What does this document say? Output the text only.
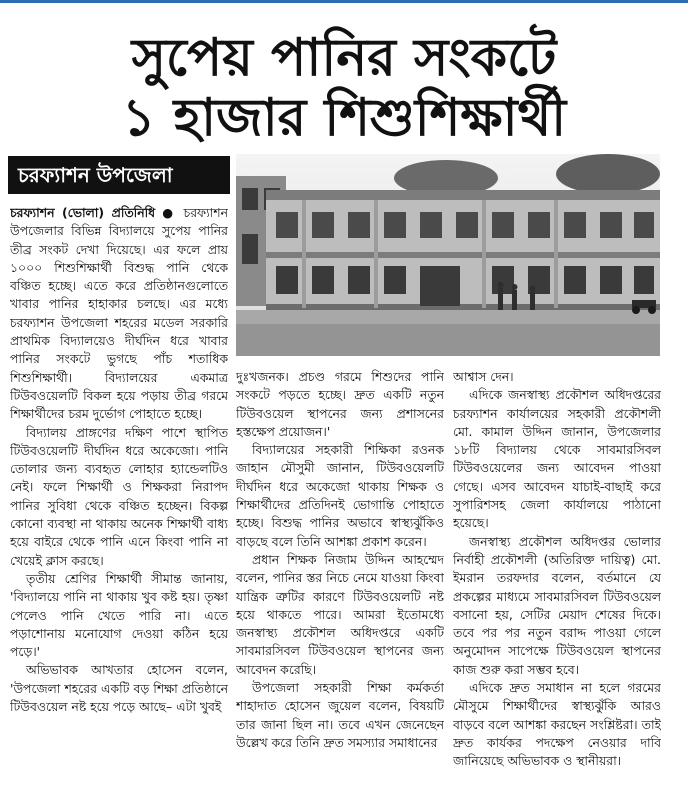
সুপেয় পানির সংকটে
১ হাজার শিশুশিক্ষার্থী
চরফ্যাশন উপজেলা

চরফ্যাশন (ভোলা) প্রতিনিধি ● চরফ্যাশন উপজেলার বিভিন্ন বিদ্যালয়ে সুপেয় পানির তীব্র সংকট দেখা দিয়েছে। এর ফলে প্রায় ১০০০ শিশুশিক্ষার্থী বিশুদ্ধ পানি থেকে বঞ্চিত হচ্ছে। এতে করে প্রতিষ্ঠানগুলোতে খাবার পানির হাহাকার চলছে। এর মধ্যে চরফ্যাশন উপজেলা শহরের মডেল সরকারি প্রাথমিক বিদ্যালয়েও দীর্ঘদিন ধরে খাবার পানির সংকটে ভুগছে পাঁচ শতাধিক শিশুশিক্ষার্থী। বিদ্যালয়ের একমাত্র টিউবওয়েলটি বিকল হয়ে পড়ায় তীব্র গরমে শিক্ষার্থীদের চরম দুর্ভোগ পোহাতে হচ্ছে।

বিদ্যালয় প্রাঙ্গণের দক্ষিণ পাশে স্থাপিত টিউবওয়েলটি দীর্ঘদিন ধরে অকেজো। পানি তোলার জন্য ব্যবহৃত লোহার হ্যান্ডেলটিও নেই। ফলে শিক্ষার্থী ও শিক্ষকরা নিরাপদ পানির সুবিধা থেকে বঞ্চিত হচ্ছেন। বিকল্প কোনো ব্যবস্থা না থাকায় অনেক শিক্ষার্থী বাধ্য হয়ে বাইরে থেকে পানি এনে কিংবা পানি না খেয়েই ক্লাস করছে।

তৃতীয় শ্রেণির শিক্ষার্থী সীমান্ত জানায়, 'বিদ্যালয়ে পানি না থাকায় খুব কষ্ট হয়। তৃষ্ণা পেলেও পানি খেতে পারি না। এতে পড়াশোনায় মনোযোগ দেওয়া কঠিন হয়ে পড়ে।'

অভিভাবক আখতার হোসেন বলেন, 'উপজেলা শহরের একটি বড় শিক্ষা প্রতিষ্ঠানে টিউবওয়েল নষ্ট হয়ে পড়ে আছে– এটা খুবই

দুঃখজনক। প্রচণ্ড গরমে শিশুদের পানি সংকটে পড়তে হচ্ছে। দ্রুত একটি নতুন টিউবওয়েল স্থাপনের জন্য প্রশাসনের হস্তক্ষেপ প্রয়োজন।'

বিদ্যালয়ের সহকারী শিক্ষিকা রওনক জাহান মৌসুমী জানান, টিউবওয়েলটি দীর্ঘদিন ধরে অকেজো থাকায় শিক্ষক ও শিক্ষার্থীদের প্রতিদিনই ভোগান্তি পোহাতে হচ্ছে। বিশুদ্ধ পানির অভাবে স্বাস্থ্যঝুঁকিও বাড়ছে বলে তিনি আশঙ্কা প্রকাশ করেন।

প্রধান শিক্ষক নিজাম উদ্দিন আহম্মেদ বলেন, পানির স্তর নিচে নেমে যাওয়া কিংবা যান্ত্রিক ত্রুটির কারণে টিউবওয়েলটি নষ্ট হয়ে থাকতে পারে। আমরা ইতোমধ্যে জনস্বাস্থ্য প্রকৌশল অধিদপ্তরে একটি সাবমারসিবল টিউবওয়েল স্থাপনের জন্য আবেদন করেছি।

উপজেলা সহকারী শিক্ষা কর্মকর্তা শাহাদাত হোসেন জুয়েল বলেন, বিষয়টি তার জানা ছিল না। তবে এখন জেনেছেন উল্লেখ করে তিনি দ্রুত সমস্যার সমাধানের

আশ্বাস দেন।

এদিকে জনস্বাস্থ্য প্রকৌশল অধিদপ্তরের চরফ্যাশন কার্যালয়ের সহকারী প্রকৌশলী মো. কামাল উদ্দিন জানান, উপজেলার ১৮টি বিদ্যালয় থেকে সাবমারসিবল টিউবওয়েলের জন্য আবেদন পাওয়া গেছে। এসব আবেদন যাচাই-বাছাই করে সুপারিশসহ জেলা কার্যালয়ে পাঠানো হয়েছে।

জনস্বাস্থ্য প্রকৌশল অধিদপ্তর ভোলার নির্বাহী প্রকৌশলী (অতিরিক্ত দায়িত্ব) মো. ইমরান তরফদার বলেন, বর্তমানে যে প্রকল্পের মাধ্যমে সাবমারসিবল টিউবওয়েল বসানো হয়, সেটির মেয়াদ শেষের দিকে। তবে পর পর নতুন বরাদ্দ পাওয়া গেলে অনুমোদন সাপেক্ষে টিউবওয়েল স্থাপনের কাজ শুরু করা সম্ভব হবে।

এদিকে দ্রুত সমাধান না হলে গরমের মৌসুমে শিক্ষার্থীদের স্বাস্থ্যঝুঁকি আরও বাড়বে বলে আশঙ্কা করছেন সংশ্লিষ্টরা। তাই দ্রুত কার্যকর পদক্ষেপ নেওয়ার দাবি জানিয়েছে অভিভাবক ও স্থানীয়রা।
